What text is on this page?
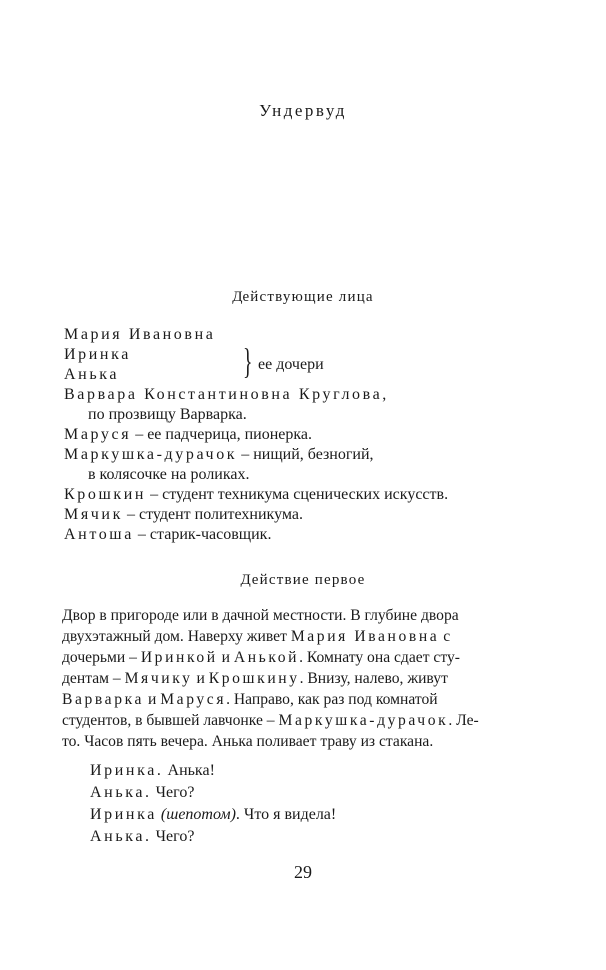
Ундервуд
Действующие лица
Мария Ивановна
Иринка
Анька	} ее дочери
Варвара Константиновна Круглова,
по прозвищу Варварка.
Маруся – ее падчерица, пионерка.
Маркушка-дурачок – нищий, безногий,
в колясочке на роликах.
Крошкин – студент техникума сценических искусств.
Мячик – студент политехникума.
Антоша – старик-часовщик.
Действие первое
Двор в пригороде или в дачной местности. В глубине двора
двухэтажный дом. Наверху живет Мария Ивановна с
дочерьми – Иринкой и Анькой. Комнату она сдает сту-
дентам – Мячику и Крошкину. Внизу, налево, живут
Варварка и Маруся. Направо, как раз под комнатой
студентов, в бывшей лавчонке – Маркушка-дурачок. Ле-
то. Часов пять вечера. Анька поливает траву из стакана.
Иринка. Анька!
Анька. Чего?
Иринка (шепотом). Что я видела!
Анька. Чего?
29
